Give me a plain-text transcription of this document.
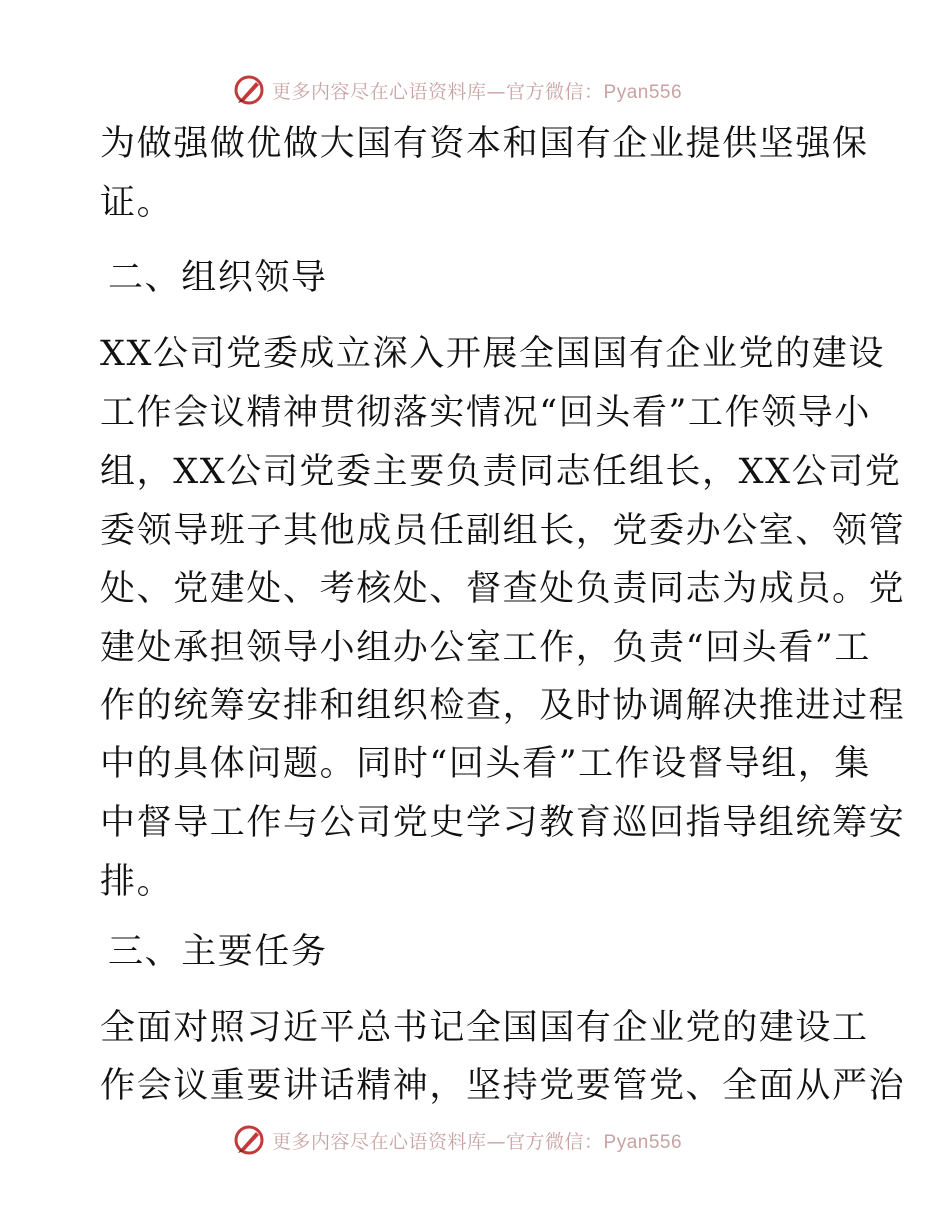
更多内容尽在心语资料库—官方微信：Pyan556
为做强做优做大国有资本和国有企业提供坚强保
证。
二、组织领导
XX公司党委成立深入开展全国国有企业党的建设
工作会议精神贯彻落实情况“回头看”工作领导小
组，XX公司党委主要负责同志任组长，XX公司党
委领导班子其他成员任副组长，党委办公室、领管
处、党建处、考核处、督查处负责同志为成员。党
建处承担领导小组办公室工作，负责“回头看”工
作的统筹安排和组织检查，及时协调解决推进过程
中的具体问题。同时“回头看”工作设督导组，集
中督导工作与公司党史学习教育巡回指导组统筹安
排。
三、主要任务
全面对照习近平总书记全国国有企业党的建设工
作会议重要讲话精神，坚持党要管党、全面从严治
更多内容尽在心语资料库—官方微信：Pyan556
